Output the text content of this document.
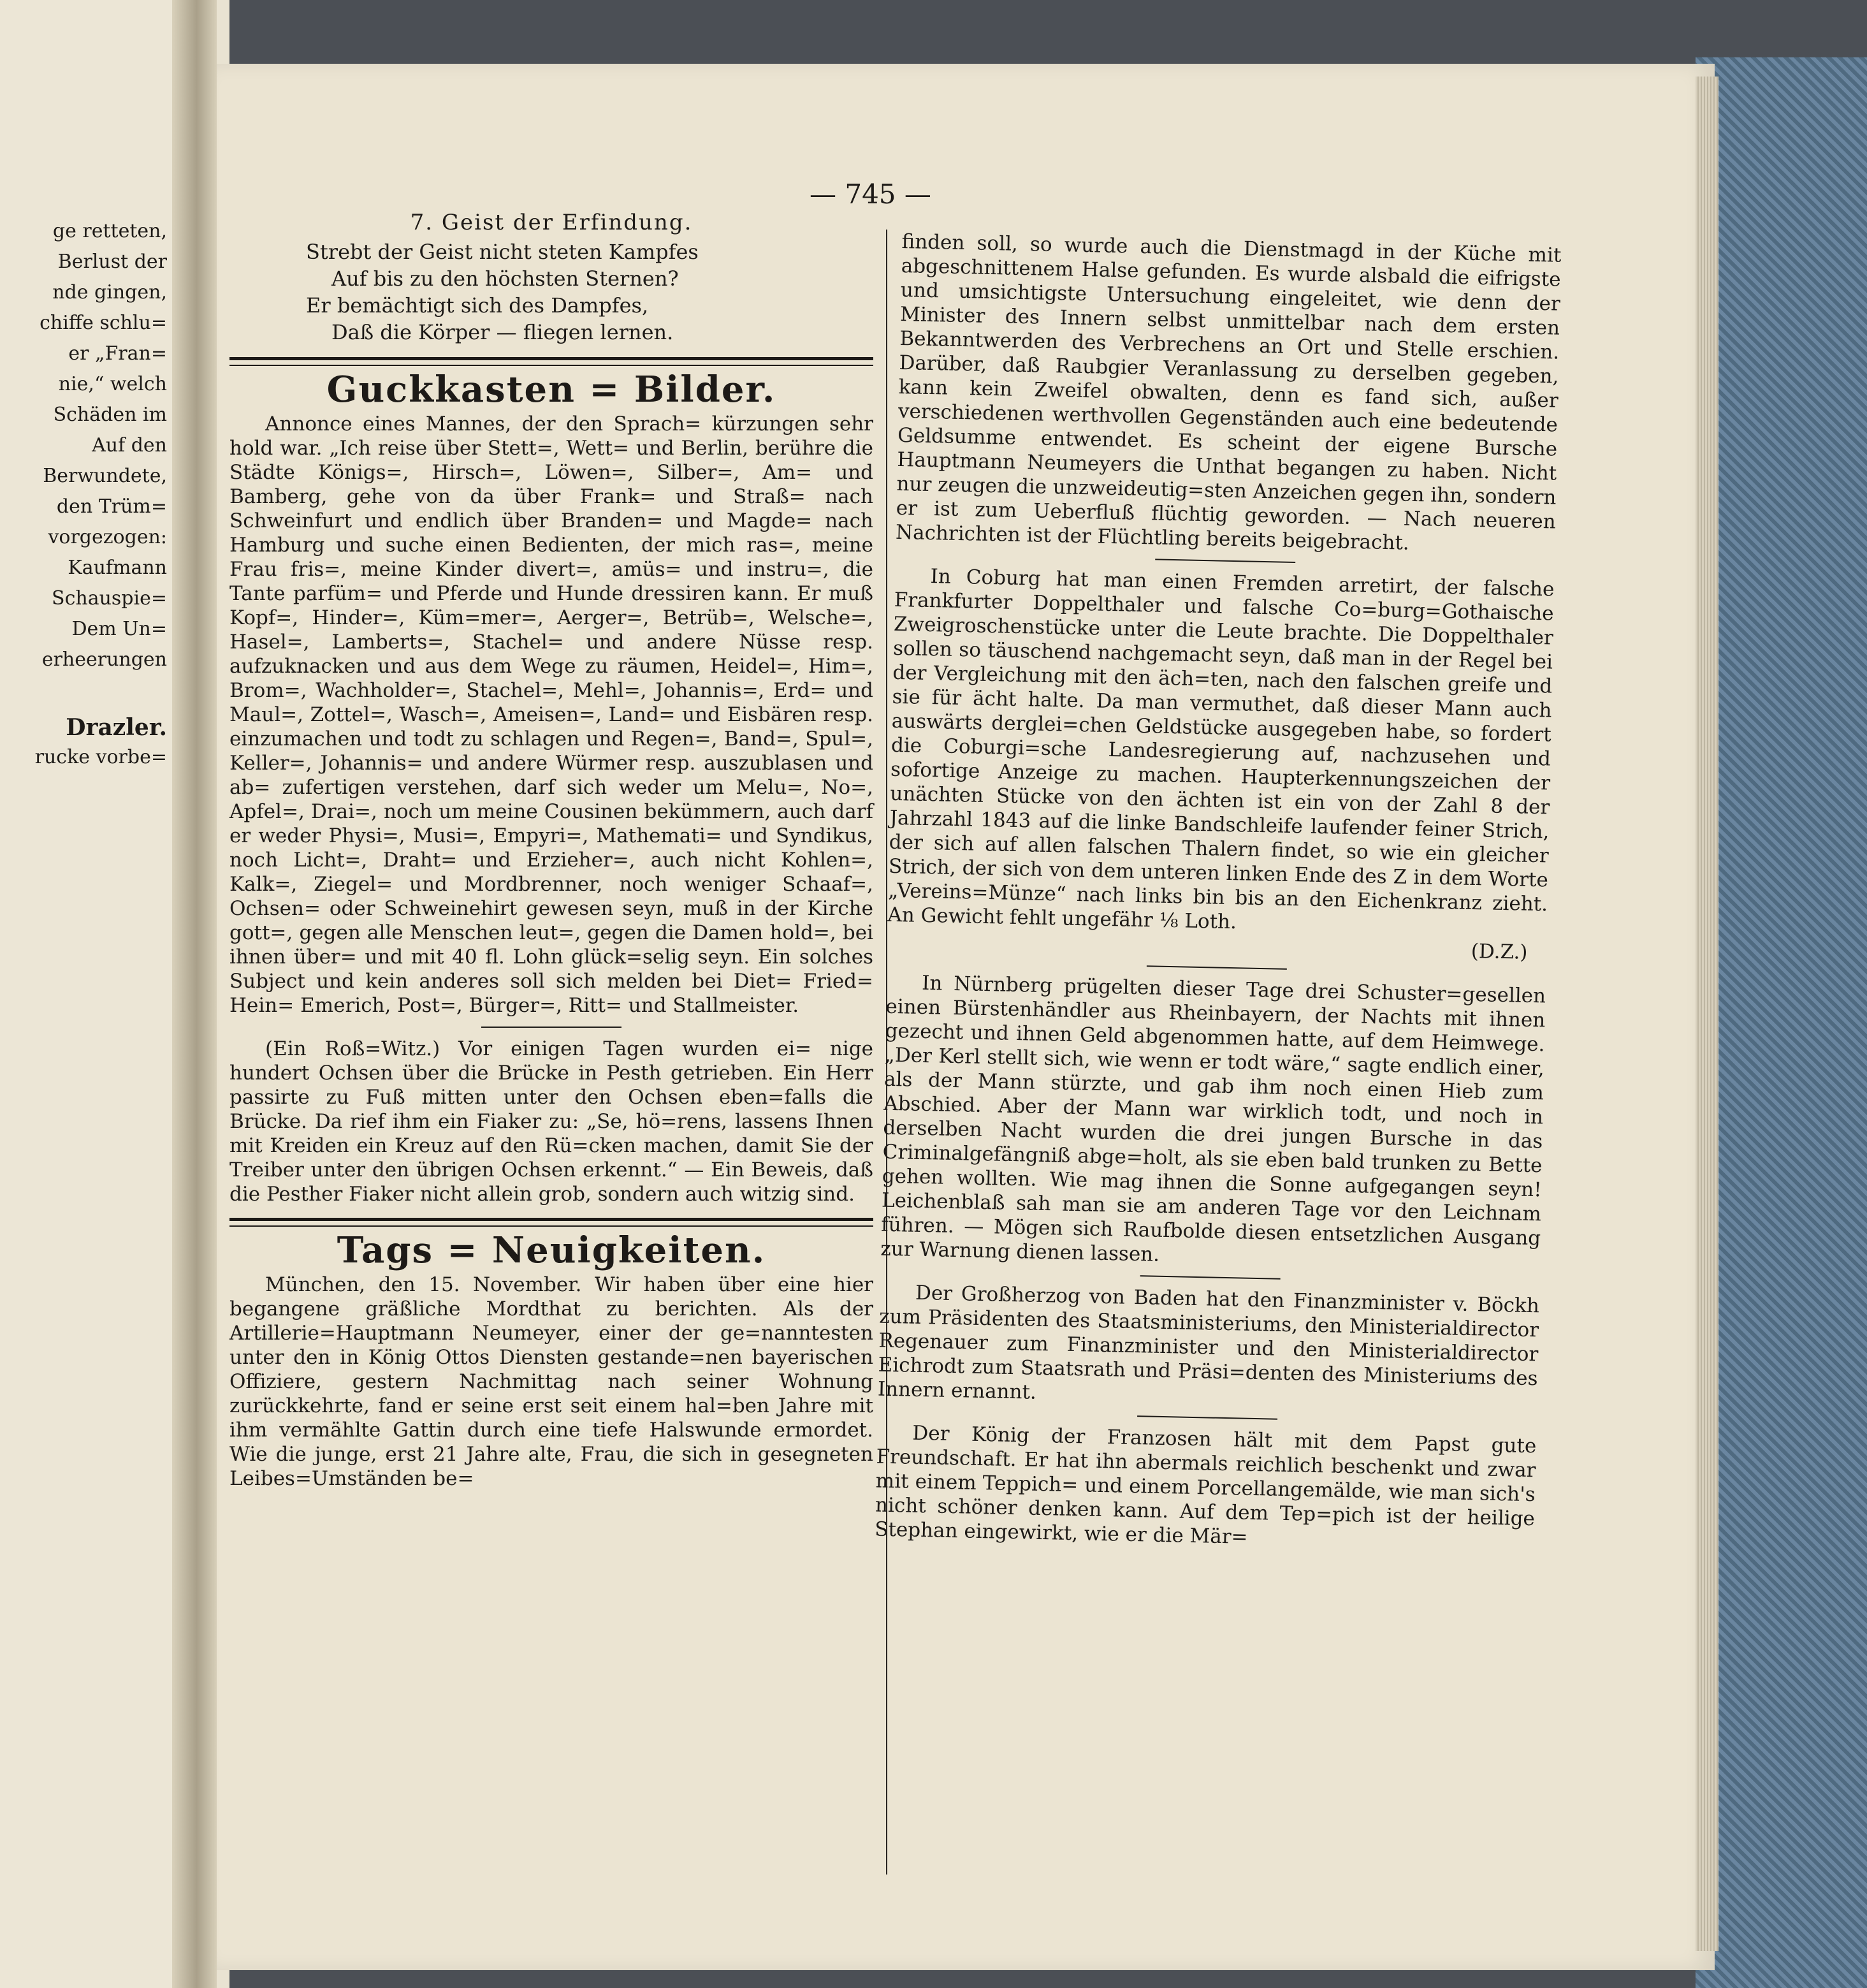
ge retteten,
Berlust der
nde gingen,
chiffe schlu=
er „Fran=
nie,“ welch
Schäden im
Auf den
Berwundete,
den Trüm=
vorgezogen:
Kaufmann
Schauspie=
Dem Un=
erheerungen
Drazler.
rucke vorbe=
— 745 —
7. Geist der Erfindung.
Strebt der Geist nicht steten Kampfes
Auf bis zu den höchsten Sternen?
Er bemächtigt sich des Dampfes,
Daß die Körper — fliegen lernen.
Guckkasten = Bilder.

Annonce eines Mannes, der den Sprach= kürzungen sehr hold war. „Ich reise über Stett=, Wett= und Berlin, berühre die Städte Königs=, Hirsch=, Löwen=, Silber=, Am= und Bamberg, gehe von da über Frank= und Straß= nach Schweinfurt und endlich über Branden= und Magde= nach Hamburg und suche einen Bedienten, der mich ras=, meine Frau fris=, meine Kinder divert=, amüs= und instru=, die Tante parfüm= und Pferde und Hunde dressiren kann. Er muß Kopf=, Hinder=, Küm=mer=, Aerger=, Betrüb=, Welsche=, Hasel=, Lamberts=, Stachel= und andere Nüsse resp. aufzuknacken und aus dem Wege zu räumen, Heidel=, Him=, Brom=, Wachholder=, Stachel=, Mehl=, Johannis=, Erd= und Maul=, Zottel=, Wasch=, Ameisen=, Land= und Eisbären resp. einzumachen und todt zu schlagen und Regen=, Band=, Spul=, Keller=, Johannis= und andere Würmer resp. auszublasen und ab= zufertigen verstehen, darf sich weder um Melu=, No=, Apfel=, Drai=, noch um meine Cousinen bekümmern, auch darf er weder Physi=, Musi=, Empyri=, Mathemati= und Syndikus, noch Licht=, Draht= und Erzieher=, auch nicht Kohlen=, Kalk=, Ziegel= und Mordbrenner, noch weniger Schaaf=, Ochsen= oder Schweinehirt gewesen seyn, muß in der Kirche gott=, gegen alle Menschen leut=, gegen die Damen hold=, bei ihnen über= und mit 40 fl. Lohn glück=selig seyn. Ein solches Subject und kein anderes soll sich melden bei Diet= Fried= Hein= Emerich, Post=, Bürger=, Ritt= und Stallmeister.

(Ein Roß=Witz.) Vor einigen Tagen wurden ei= nige hundert Ochsen über die Brücke in Pesth getrieben. Ein Herr passirte zu Fuß mitten unter den Ochsen eben=falls die Brücke. Da rief ihm ein Fiaker zu: „Se, hö=rens, lassens Ihnen mit Kreiden ein Kreuz auf den Rü=cken machen, damit Sie der Treiber unter den übrigen Ochsen erkennt.“ — Ein Beweis, daß die Pesther Fiaker nicht allein grob, sondern auch witzig sind.

Tags = Neuigkeiten.

München, den 15. November. Wir haben über eine hier begangene gräßliche Mordthat zu berichten. Als der Artillerie=Hauptmann Neumeyer, einer der ge=nanntesten unter den in König Ottos Diensten gestande=nen bayerischen Offiziere, gestern Nachmittag nach seiner Wohnung zurückkehrte, fand er seine erst seit einem hal=ben Jahre mit ihm vermählte Gattin durch eine tiefe Halswunde ermordet. Wie die junge, erst 21 Jahre alte, Frau, die sich in gesegneten Leibes=Umständen be=

finden soll, so wurde auch die Dienstmagd in der Küche mit abgeschnittenem Halse gefunden. Es wurde alsbald die eifrigste und umsichtigste Untersuchung eingeleitet, wie denn der Minister des Innern selbst unmittelbar nach dem ersten Bekanntwerden des Verbrechens an Ort und Stelle erschien. Darüber, daß Raubgier Veranlassung zu derselben gegeben, kann kein Zweifel obwalten, denn es fand sich, außer verschiedenen werthvollen Gegenständen auch eine bedeutende Geldsumme entwendet. Es scheint der eigene Bursche Hauptmann Neumeyers die Unthat begangen zu haben. Nicht nur zeugen die unzweideutig=sten Anzeichen gegen ihn, sondern er ist zum Ueberfluß flüchtig geworden. — Nach neueren Nachrichten ist der Flüchtling bereits beigebracht.

In Coburg hat man einen Fremden arretirt, der falsche Frankfurter Doppelthaler und falsche Co=burg=Gothaische Zweigroschenstücke unter die Leute brachte. Die Doppelthaler sollen so täuschend nachgemacht seyn, daß man in der Regel bei der Vergleichung mit den äch=ten, nach den falschen greife und sie für ächt halte. Da man vermuthet, daß dieser Mann auch auswärts derglei=chen Geldstücke ausgegeben habe, so fordert die Coburgi=sche Landesregierung auf, nachzusehen und sofortige Anzeige zu machen. Haupterkennungszeichen der unächten Stücke von den ächten ist ein von der Zahl 8 der Jahrzahl 1843 auf die linke Bandschleife laufender feiner Strich, der sich auf allen falschen Thalern findet, so wie ein gleicher Strich, der sich von dem unteren linken Ende des Z in dem Worte „Vereins=Münze“ nach links bin bis an den Eichenkranz zieht. An Gewicht fehlt ungefähr ⅛ Loth.

(D.Z.)

In Nürnberg prügelten dieser Tage drei Schuster=gesellen einen Bürstenhändler aus Rheinbayern, der Nachts mit ihnen gezecht und ihnen Geld abgenommen hatte, auf dem Heimwege. „Der Kerl stellt sich, wie wenn er todt wäre,“ sagte endlich einer, als der Mann stürzte, und gab ihm noch einen Hieb zum Abschied. Aber der Mann war wirklich todt, und noch in derselben Nacht wurden die drei jungen Bursche in das Criminalgefängniß abge=holt, als sie eben bald trunken zu Bette gehen wollten. Wie mag ihnen die Sonne aufgegangen seyn! Leichenblaß sah man sie am anderen Tage vor den Leichnam führen. — Mögen sich Raufbolde diesen entsetzlichen Ausgang zur Warnung dienen lassen.

Der Großherzog von Baden hat den Finanzminister v. Böckh zum Präsidenten des Staatsministeriums, den Ministerialdirector Regenauer zum Finanzminister und den Ministerialdirector Eichrodt zum Staatsrath und Präsi=denten des Ministeriums des Innern ernannt.

Der König der Franzosen hält mit dem Papst gute Freundschaft. Er hat ihn abermals reichlich beschenkt und zwar mit einem Teppich= und einem Porcellangemälde, wie man sich's nicht schöner denken kann. Auf dem Tep=pich ist der heilige Stephan eingewirkt, wie er die Mär=
